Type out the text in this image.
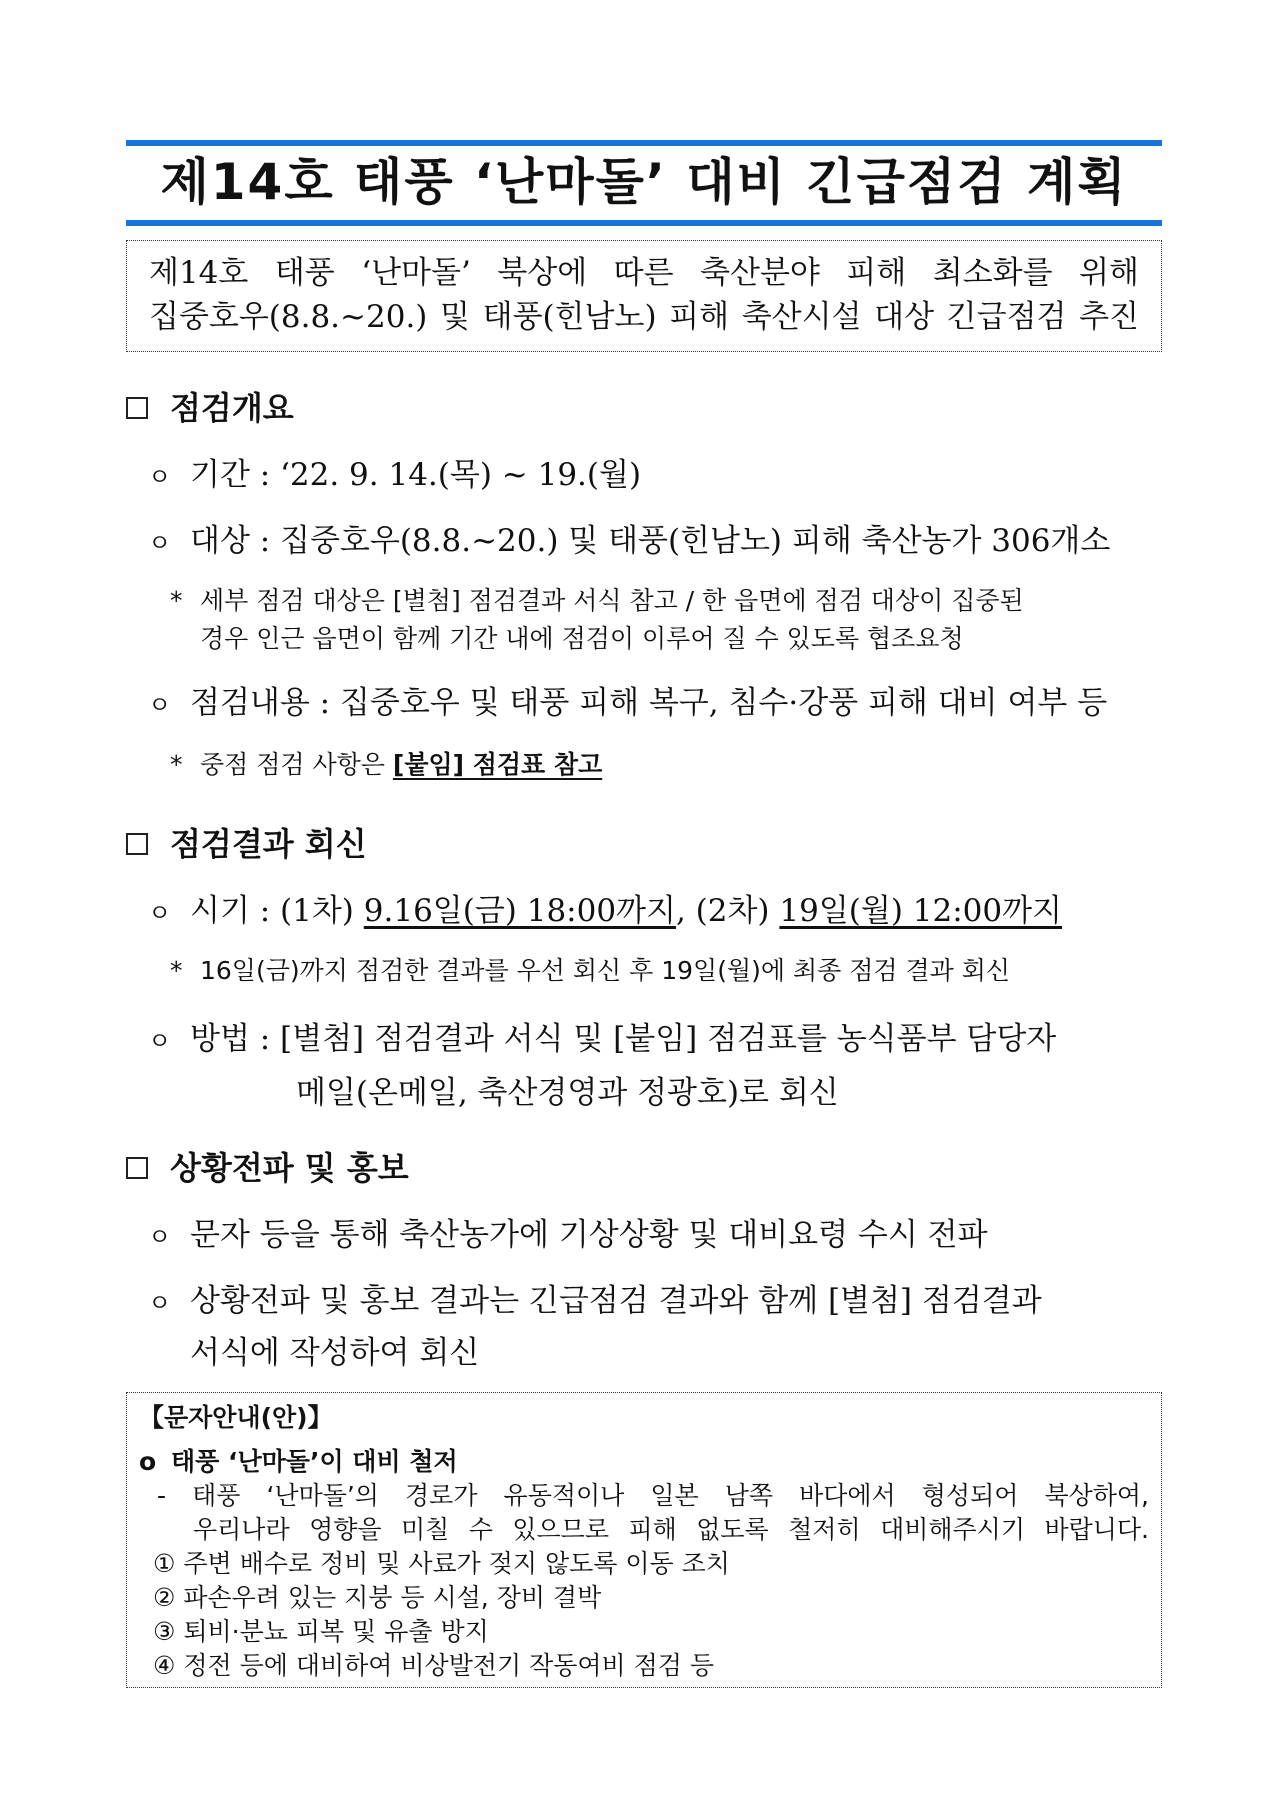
제14호 태풍 ‘난마돌’ 대비 긴급점검 계획
제14호 태풍 ‘난마돌’ 북상에 따른 축산분야 피해 최소화를 위해
집중호우(8.8.~20.) 및 태풍(힌남노) 피해 축산시설 대상 긴급점검 추진
점검개요
ㅇ 기간 : ‘22. 9. 14.(목) ~ 19.(월)
ㅇ 대상 : 집중호우(8.8.~20.) 및 태풍(힌남노) 피해 축산농가 306개소
* 세부 점검 대상은 [별첨] 점검결과 서식 참고 / 한 읍면에 점검 대상이 집중된
경우 인근 읍면이 함께 기간 내에 점검이 이루어 질 수 있도록 협조요청
ㅇ 점검내용 : 집중호우 및 태풍 피해 복구, 침수·강풍 피해 대비 여부 등
* 중점 점검 사항은 [붙임] 점검표 참고
점검결과 회신
ㅇ 시기 : (1차) 9.16일(금) 18:00까지, (2차) 19일(월) 12:00까지
* 16일(금)까지 점검한 결과를 우선 회신 후 19일(월)에 최종 점검 결과 회신
ㅇ 방법 : [별첨] 점검결과 서식 및 [붙임] 점검표를 농식품부 담당자
메일(온메일, 축산경영과 정광호)로 회신
상황전파 및 홍보
ㅇ 문자 등을 통해 축산농가에 기상상황 및 대비요령 수시 전파
ㅇ 상황전파 및 홍보 결과는 긴급점검 결과와 함께 [별첨] 점검결과
서식에 작성하여 회신
【문자안내(안)】
o 태풍 ‘난마돌’이 대비 철저
- 태풍 ‘난마돌’의 경로가 유동적이나 일본 남쪽 바다에서 형성되어 북상하여,
우리나라 영향을 미칠 수 있으므로 피해 없도록 철저히 대비해주시기 바랍니다.
① 주변 배수로 정비 및 사료가 젖지 않도록 이동 조치
② 파손우려 있는 지붕 등 시설, 장비 결박
③ 퇴비·분뇨 피복 및 유출 방지
④ 정전 등에 대비하여 비상발전기 작동여비 점검 등
